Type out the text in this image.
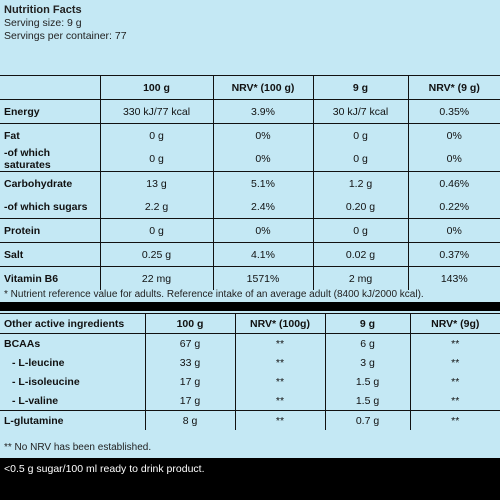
Nutrition Facts
Serving size: 9 g
Servings per container: 77
	100 g	NRV* (100 g)	9 g	NRV* (9 g)
Energy	330 kJ/77 kcal	3.9%	30 kJ/7 kcal	0.35%
Fat	0 g	0%	0 g	0%
-of which saturates	0 g	0%	0 g	0%
Carbohydrate	13 g	5.1%	1.2 g	0.46%
-of which sugars	2.2 g	2.4%	0.20 g	0.22%
Protein	0 g	0%	0 g	0%
Salt	0.25 g	4.1%	0.02 g	0.37%
Vitamin B6	22 mg	1571%	2 mg	143%
* Nutrient reference value for adults. Reference intake of an average adult (8400 kJ/2000 kcal).
Other active ingredients	100 g	NRV* (100g)	9 g	NRV* (9g)
BCAAs	67 g	**	6 g	**
- L-leucine	33 g	**	3 g	**
- L-isoleucine	17 g	**	1.5 g	**
- L-valine	17 g	**	1.5 g	**
L-glutamine	8 g	**	0.7 g	**
** No NRV has been established.
<0.5 g sugar/100 ml ready to drink product.
